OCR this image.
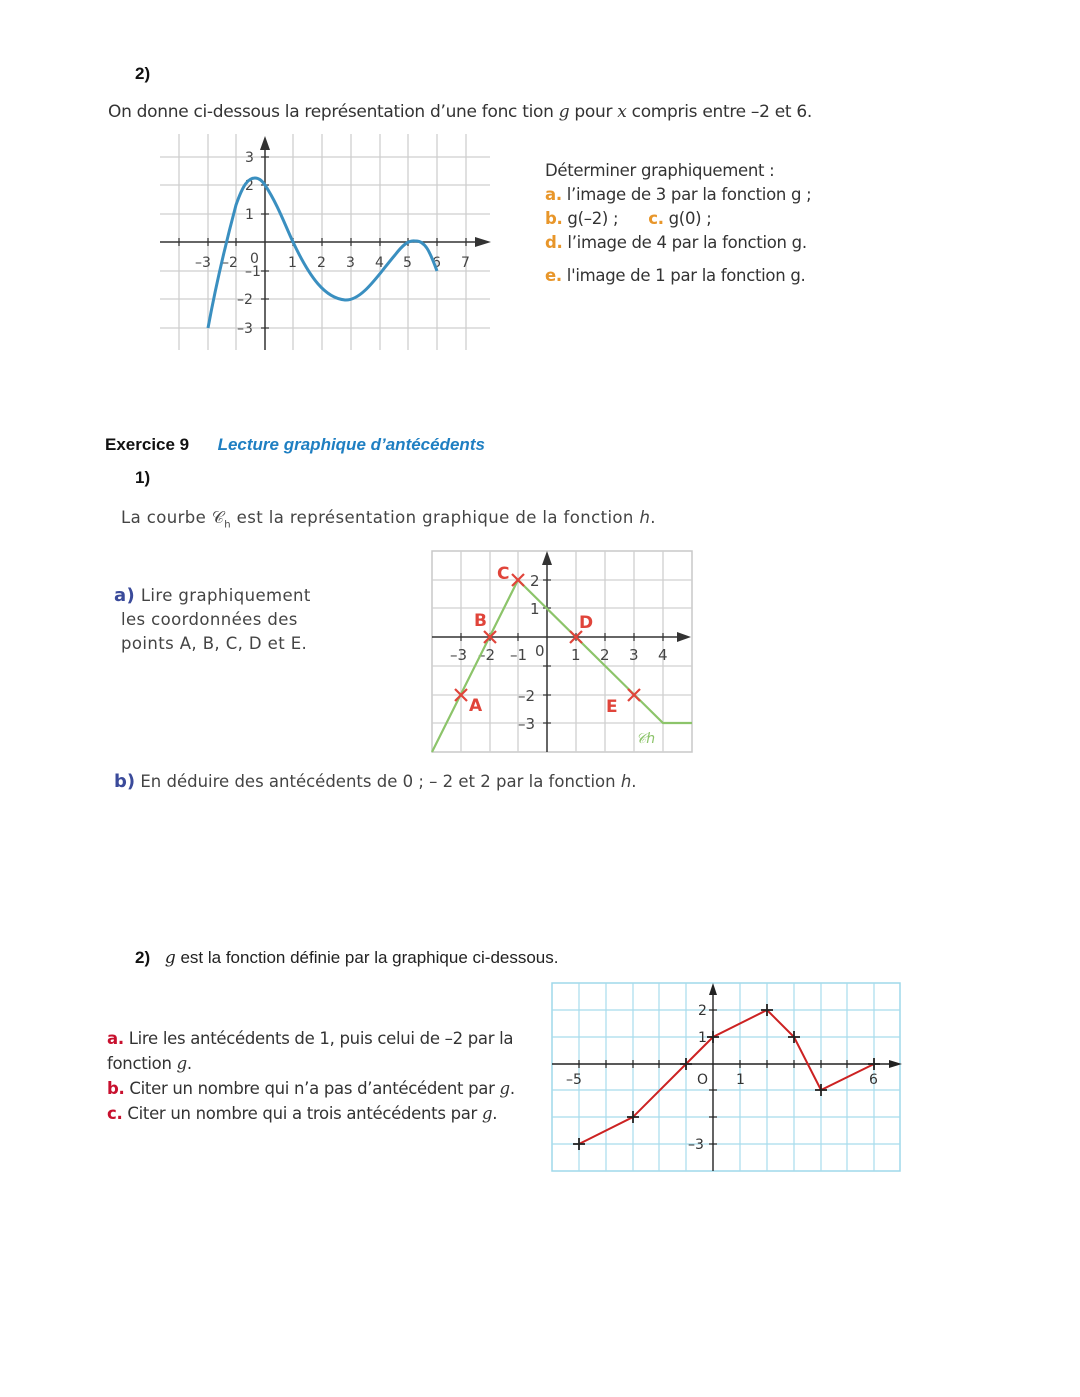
2)
On donne ci-dessous la représentation d’une fonc tion g pour x compris entre –2 et 6.
–3 –2 0 1 2 3 4 5 6 7
3
2
1
–1
–2
–3
Déterminer graphiquement :
a. l’image de 3 par la fonction g ;
b. g(–2) ; c. g(0) ;
d. l’image de 4 par la fonction g.
e. l'image de 1 par la fonction g.
Exercice 9 Lecture graphique d’antécédents
1)
La courbe 𝒞$_h$ est la représentation graphique de la fonction h.
a) Lire graphiquement
les coordonnées des
points A, B, C, D et E.
–3 –2 –1 0 1 2 3 4
2
1
–2
–3
A
B
C
D
E
𝒞h
b) En déduire des antécédents de 0 ; – 2 et 2 par la fonction h.
2) g est la fonction définie par la graphique ci-dessous.
a. Lire les antécédents de 1, puis celui de –2 par la
fonction g.
b. Citer un nombre qui n’a pas d’antécédent par g.
c. Citer un nombre qui a trois antécédents par g.
–5	O 1	6
2
1
–3
